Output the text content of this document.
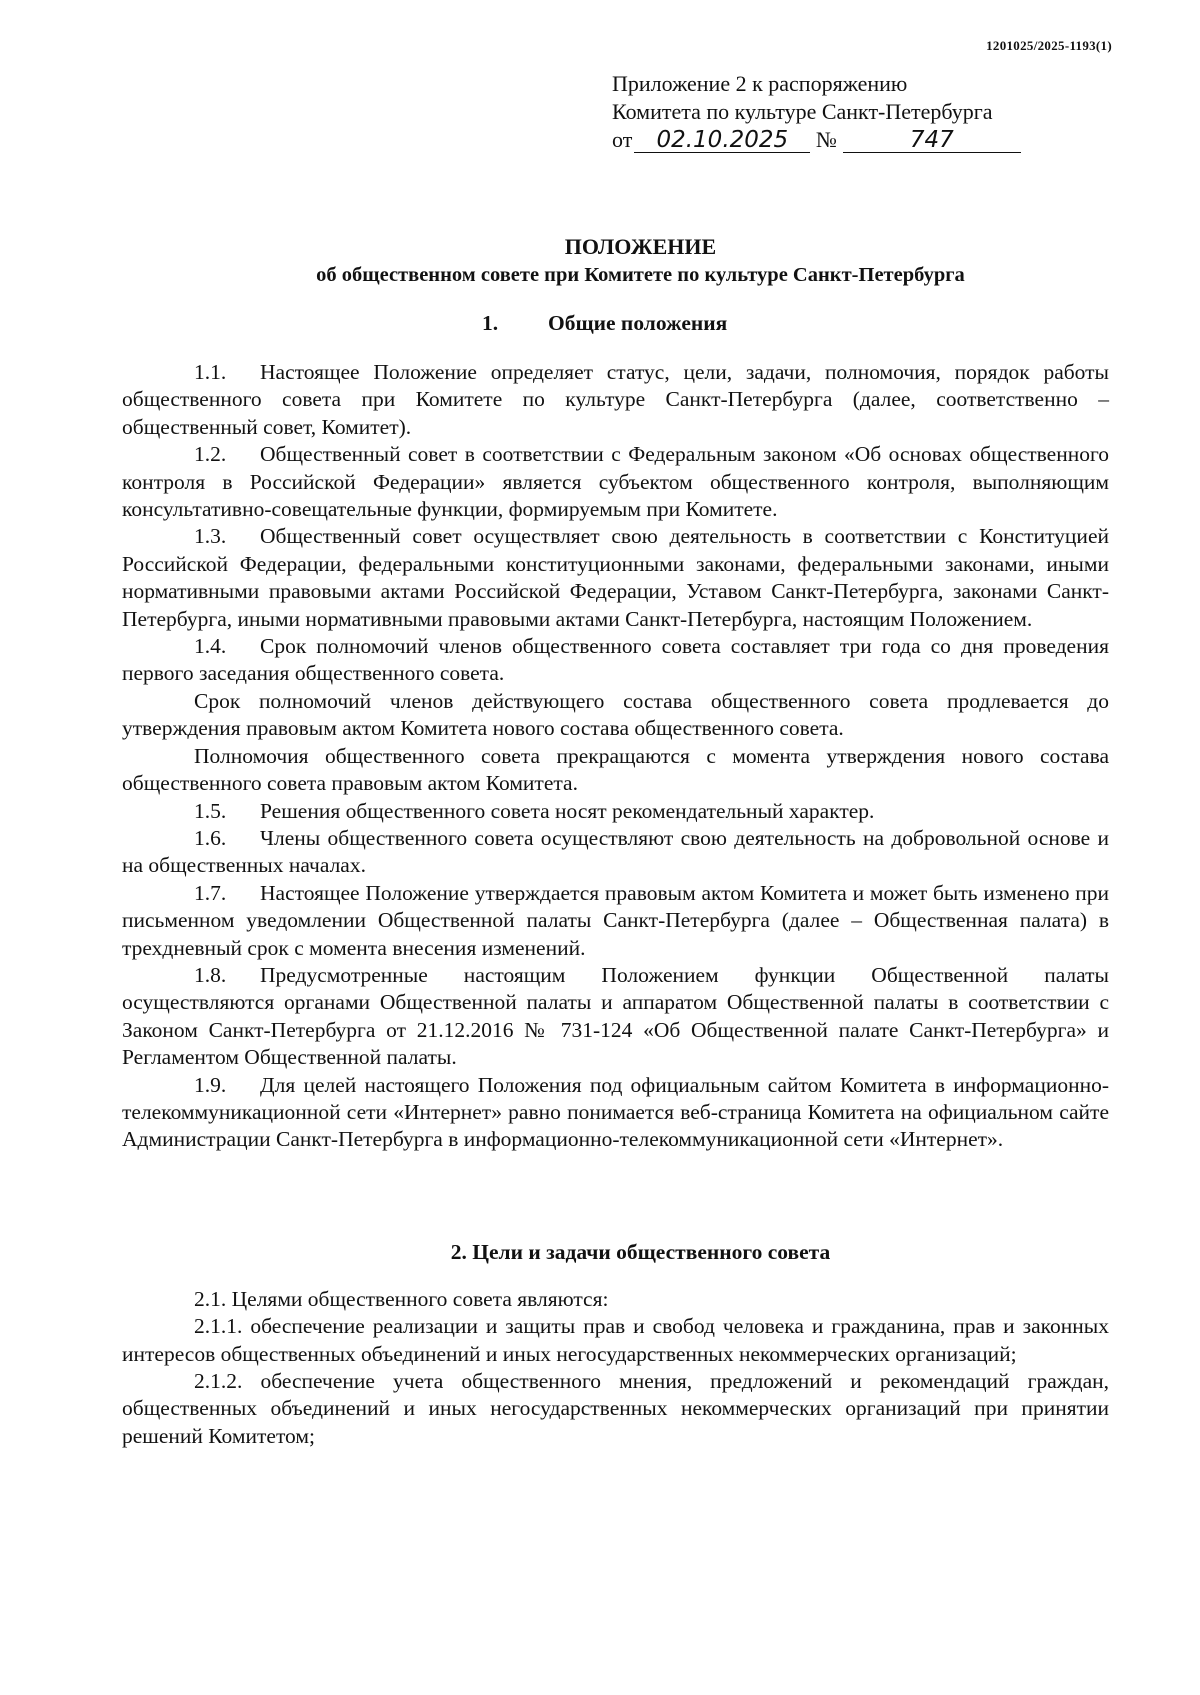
1201025/2025-1193(1)
Приложение 2 к распоряжению
Комитета по культуре Санкт-Петербурга
от 02.10.2025 №	747
ПОЛОЖЕНИЕ
об общественном совете при Комитете по культуре Санкт-Петербурга
1. Общие положения

1.1. Настоящее Положение определяет статус, цели, задачи, полномочия, порядок работы общественного совета при Комитете по культуре Санкт-Петербурга (далее, соответственно – общественный совет, Комитет).

1.2. Общественный совет в соответствии с Федеральным законом «Об основах общественного контроля в Российской Федерации» является субъектом общественного контроля, выполняющим консультативно-совещательные функции, формируемым при Комитете.

1.3. Общественный совет осуществляет свою деятельность в соответствии с Конституцией Российской Федерации, федеральными конституционными законами, федеральными законами, иными нормативными правовыми актами Российской Федерации, Уставом Санкт-Петербурга, законами Санкт-Петербурга, иными нормативными правовыми актами Санкт-Петербурга, настоящим Положением.

1.4. Срок полномочий членов общественного совета составляет три года со дня проведения первого заседания общественного совета.

Срок полномочий членов действующего состава общественного совета продлевается до утверждения правовым актом Комитета нового состава общественного совета.

Полномочия общественного совета прекращаются с момента утверждения нового состава общественного совета правовым актом Комитета.

1.5. Решения общественного совета носят рекомендательный характер.

1.6. Члены общественного совета осуществляют свою деятельность на добровольной основе и на общественных началах.

1.7. Настоящее Положение утверждается правовым актом Комитета и может быть изменено при письменном уведомлении Общественной палаты Санкт-Петербурга (далее – Общественная палата) в трехдневный срок с момента внесения изменений.

1.8. Предусмотренные настоящим Положением функции Общественной палаты осуществляются органами Общественной палаты и аппаратом Общественной палаты в соответствии с Законом Санкт-Петербурга от 21.12.2016 № 731-124 «Об Общественной палате Санкт-Петербурга» и Регламентом Общественной палаты.

1.9. Для целей настоящего Положения под официальным сайтом Комитета в информационно-телекоммуникационной сети «Интернет» равно понимается веб-страница Комитета на официальном сайте Администрации Санкт-Петербурга в информационно-телекоммуникационной сети «Интернет».

2. Цели и задачи общественного совета

2.1. Целями общественного совета являются:

2.1.1. обеспечение реализации и защиты прав и свобод человека и гражданина, прав и законных интересов общественных объединений и иных негосударственных некоммерческих организаций;

2.1.2. обеспечение учета общественного мнения, предложений и рекомендаций граждан, общественных объединений и иных негосударственных некоммерческих организаций при принятии решений Комитетом;
